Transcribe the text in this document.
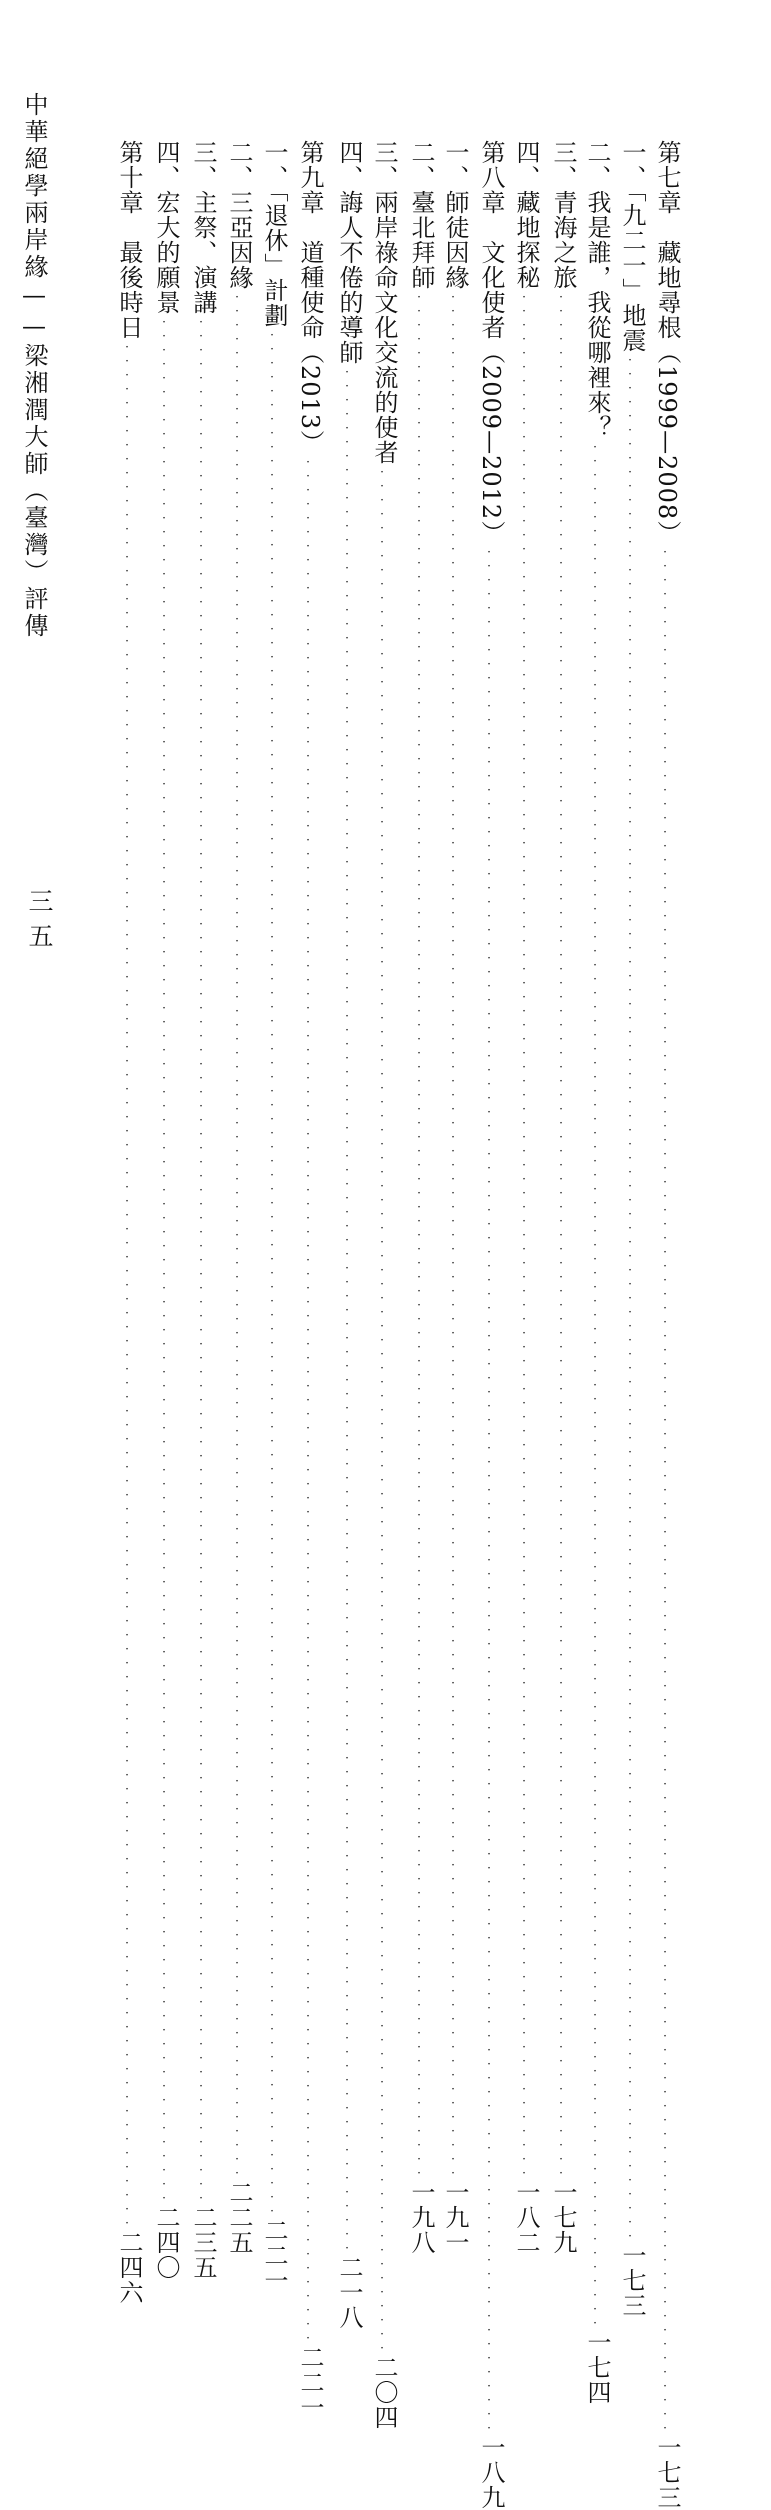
中華絕學兩岸緣——梁湘潤大師（臺灣）評傳
三五
第七章　藏地尋根（1999—2008）
·······································································································································
一七三
一、「九二一」地震
·······································································································································
一七三
二、我是誰，我從哪裡來？
·······································································································································
一七四
三、青海之旅
·······································································································································
一七九
四、藏地探秘
·······································································································································
一八二
第八章　文化使者（2009—2012）
·······································································································································
一八九
一、師徒因緣
·······································································································································
一九一
二、臺北拜師
·······································································································································
一九八
三、兩岸祿命文化交流的使者
·······································································································································
二〇四
四、誨人不倦的導師
·······································································································································
二一八
第九章　道種使命（2013）
·······································································································································
二二一
一、「退休」計劃
·······································································································································
二二一
二、三亞因緣
·······································································································································
二二五
三、主祭、演講
·······································································································································
二三五
四、宏大的願景
·······································································································································
二四〇
第十章　最後時日
·······································································································································
二四六
